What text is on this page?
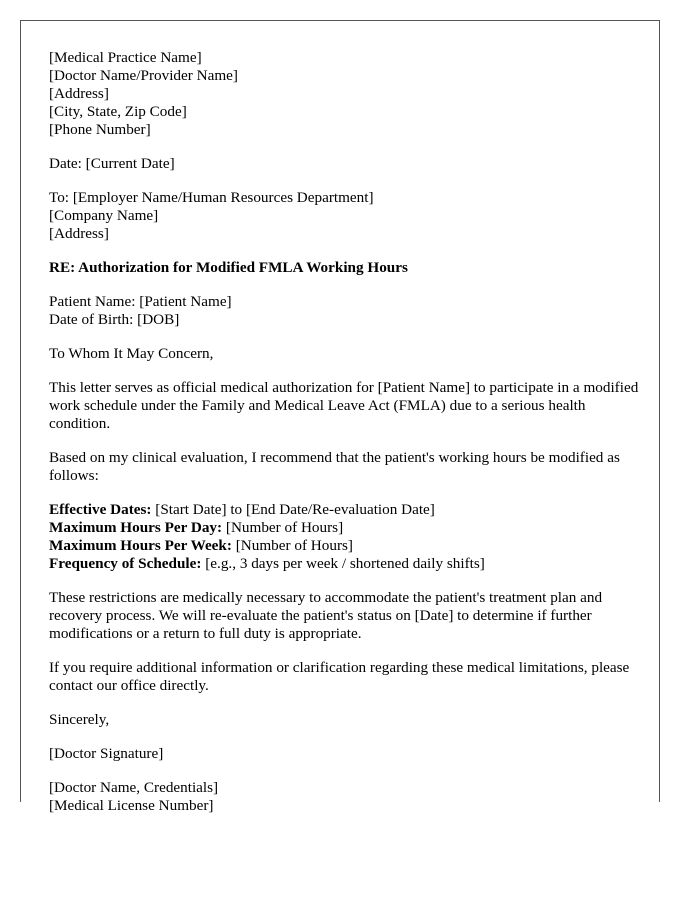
[Medical Practice Name]
[Doctor Name/Provider Name]
[Address]
[City, State, Zip Code]
[Phone Number]

Date: [Current Date]

To: [Employer Name/Human Resources Department]
[Company Name]
[Address]

RE: Authorization for Modified FMLA Working Hours

Patient Name: [Patient Name]
Date of Birth: [DOB]

To Whom It May Concern,

This letter serves as official medical authorization for [Patient Name] to participate in a modified work schedule under the Family and Medical Leave Act (FMLA) due to a serious health condition.

Based on my clinical evaluation, I recommend that the patient's working hours be modified as follows:

Effective Dates: [Start Date] to [End Date/Re-evaluation Date]
Maximum Hours Per Day: [Number of Hours]
Maximum Hours Per Week: [Number of Hours]
Frequency of Schedule: [e.g., 3 days per week / shortened daily shifts]

These restrictions are medically necessary to accommodate the patient's treatment plan and recovery process. We will re-evaluate the patient's status on [Date] to determine if further modifications or a return to full duty is appropriate.

If you require additional information or clarification regarding these medical limitations, please contact our office directly.

Sincerely,

[Doctor Signature]

[Doctor Name, Credentials]
[Medical License Number]
